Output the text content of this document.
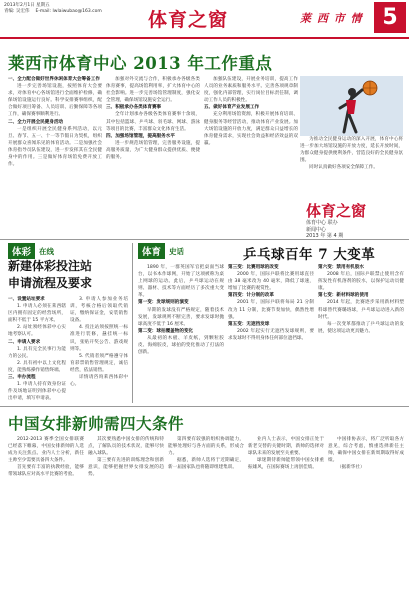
2013年2月1日 星期五
青编: 吴宏伟 E-mail: lwlaiwubao@163.com 体育之窗	莱 西 市 情 5
莱西市体育中心 2013 年工作重点
一、全力配合做好世界休闲体育大会筹备工作

进一步完善场馆设施，按照体育大会要求，对体育中心各场馆进行全面维护检修，确保场馆设施运行良好。科学安排赛事组织，配合做好项目筹备、人员培训、后勤保障等各项工作，确保赛事顺利进行。

二、全力开展全民健身活动

一是组织开展全民健身系列活动，以元旦、春节、五一、十一等节假日为契机，组织开展群众喜闻乐见的体育活动。二是加强社会体育指导员队伍建设，进一步发挥其在全民健身中的作用。三是做好体育场馆免费开放工作。

加强对外交流与合作，积极承办各级各类体育赛事，提高场馆利用率，扩大体育中心的社会影响。进一步完善场馆管理制度，强化安全管理，确保场馆设施安全运行。

三、积极承办各类体育赛事

全年计划承办各级各类体育赛事十余项，其中包括篮球、乒乓球、羽毛球、网球、游泳等项目的比赛，丰富群众文化体育生活。

四、加强场馆管理，提高服务水平

进一步规范场馆管理，完善服务设施，提高服务质量，为广大健身群众提供优质、便捷的服务。

加强队伍建设，开展业务培训，提高工作人员的业务素质和服务水平。完善各项规章制度，强化内部管理，实行岗位目标责任制，调动工作人员的积极性。

五、做好体育产业发展工作

充分利用场馆资源，积极开展体育培训、健身服务等经营活动，推动体育产业发展。加大场馆设施的开放力度，满足群众日益增长的体育健身需求，实现社会效益和经济效益的双赢。

为推动全民健身运动的深入开展，体育中心将进一步加大场馆设施的开放力度，延长开放时间，为群众健身提供便利条件，营造良好的全民健身氛围。

同时认真做好各项安全保障工作。

体育之窗
体育中心 联办
新闻中心
2013 年 第 4 期
体彩	在线
新建体彩投注站
申请流程及要求
一、设置站址要求

1. 申请人必须在莱西辖区内拥有固定的经营场所，面积不低于 15 平方米。

2. 站址须经体彩中心实地考察认可。

二、申请人要求

1. 具有完全民事行为能力的公民。

2. 具有初中以上文化程度，能熟练操作销售终端。

三、申办流程

1. 申请人持有效身份证件及场地证明到体彩中心提出申请，填写申请表。

3. 申请人参加业务培训，考核合格后领取代销证，缴纳保证金，安装销售设备。

4. 投注站须按照统一标准进行装修，悬挂统一标识，张贴开奖公告、游戏规则等。

5. 代销者须严格遵守体育彩票销售管理规定，诚信经营，依法销售。

详情请咨询莱西体彩中心。

体育	史话	乒乓球百年 7 大变革

1890 年，一群英国军官把桌面当球台，以书本作球网，开始了这项被称为桌上网球的运动。此后，乒乓球运动在规则、器材、技术等方面经历了多次重大变革。

第一变：发球规则的演变

早期的发球没有严格规定，随着技术发展，发球规则不断完善，要求发球时抛球高度不低于 16 厘米。

第二变：球拍覆盖物的变化

从最初的木板、羊皮纸，到颗粒胶皮、海绵胶皮，球拍的变化推动了打法的创新。

第三变：比赛用球的改变

2000 年，国际乒联将比赛用球直径由 38 毫米改为 40 毫米，降低了球速，增加了比赛的观赏性。

第四变：计分制的改革

2001 年，国际乒联将每局 21 分制改为 11 分制，比赛节奏加快，偶然性增强。

第五变：无遮挡发球

2002 年起实行无遮挡发球规则，要求发球时不得用身体任何部位遮挡球。

第六变：禁用有机胶水

2008 年后，国际乒联禁止使用含有挥发性有机溶剂的胶水，以保护运动员健康。

第七变：新材料球的使用

2014 年起，比赛逐步采用新材料塑料球替代赛璐珞球，乒乓球运动进入新的时代。

每一次变革都推动了乒乓球运动的发展，使这项运动更具魅力。

中国女排新帅需四大条件

2012-2013 赛季全国女排联赛已经落下帷幕，中国女排新帅的人选成为关注焦点。业内人士分析，新任主帅至少需要具备四大条件。

首先要有丰富的执教经验，能够带领球队应对高水平比赛的考验。

其次要熟悉中国女排的传统和特点，了解队员的技术状况，能够尽快融入球队。

第三要有先进的训练理念和创新意识，能够把握世界女排发展的趋势。

第四要有较强的组织协调能力，能够处理好与各方面的关系，形成合力。

据悉，新帅人选将于近期确定，新一届国家队也将随即组建集训。

业内人士表示，中国女排正处于新老交替的关键时期，新帅的选择对球队未来的发展至关重要。

球迷期待新帅能带领中国女排重振雄风，在国际赛场上再创佳绩。

中国排协表示，将广泛听取各方意见，综合考虑，慎重选择新任主帅，确保中国女排在新周期取得好成绩。

（据新华社）
